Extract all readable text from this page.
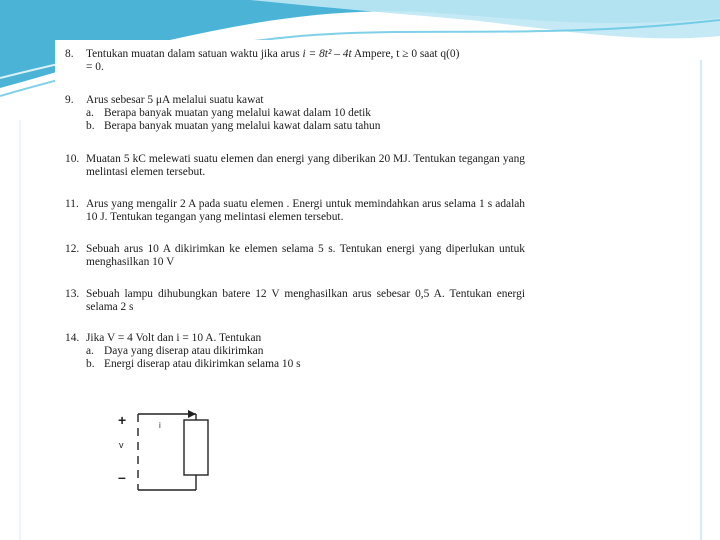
8.	Tentukan muatan dalam satuan waktu jika arus i = 8t² – 4t Ampere, t ≥ 0 saat q(0)
= 0.
9.	Arus sebesar 5 μA melalui suatu kawat
a. Berapa banyak muatan yang melalui kawat dalam 10 detik
b. Berapa banyak muatan yang melalui kawat dalam satu tahun
10. Muatan 5 kC melewati suatu elemen dan energi yang diberikan 20 MJ. Tentukan tegangan yang melintasi elemen tersebut.
11. Arus yang mengalir 2 A pada suatu elemen . Energi untuk memindahkan arus selama 1 s adalah 10 J. Tentukan tegangan yang melintasi elemen tersebut.
12. Sebuah arus 10 A dikirimkan ke elemen selama 5 s. Tentukan energi yang diperlukan untuk menghasilkan 10 V
13. Sebuah lampu dihubungkan batere 12 V menghasilkan arus sebesar 0,5 A. Tentukan energi selama 2 s
14. Jika V = 4 Volt dan i = 10 A. Tentukan
a. Daya yang diserap atau dikirimkan
b. Energi diserap atau dikirimkan selama 10 s
+
v
–
i
